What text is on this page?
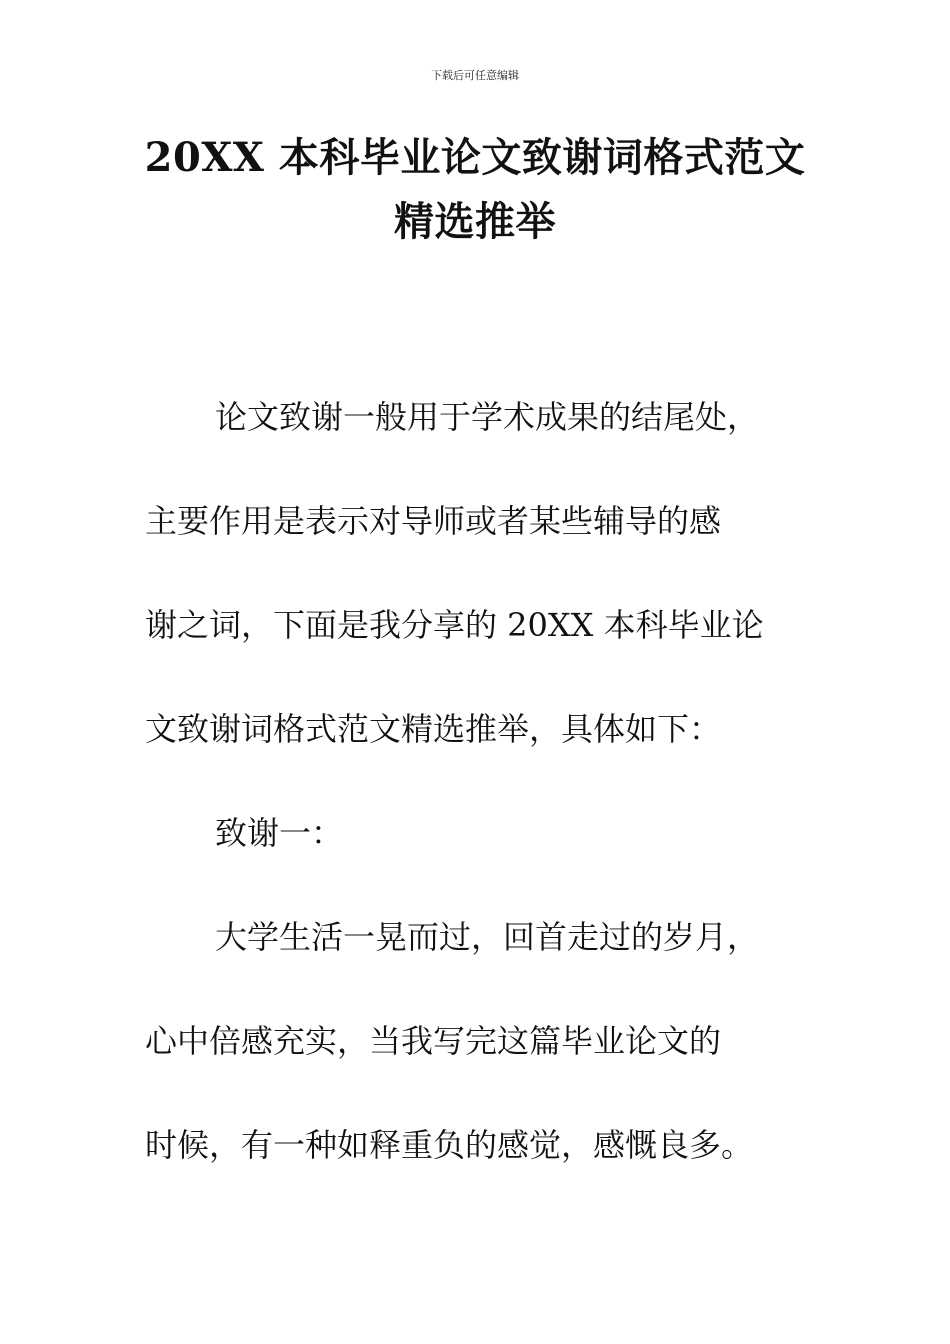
下载后可任意编辑
20XX 本科毕业论文致谢词格式范文
精选推举

论文致谢一般用于学术成果的结尾处，
主要作用是表示对导师或者某些辅导的感
谢之词，下面是我分享的 20XX 本科毕业论
文致谢词格式范文精选推举，具体如下：

致谢一：

大学生活一晃而过，回首走过的岁月，
心中倍感充实，当我写完这篇毕业论文的
时候，有一种如释重负的感觉，感慨良多。
